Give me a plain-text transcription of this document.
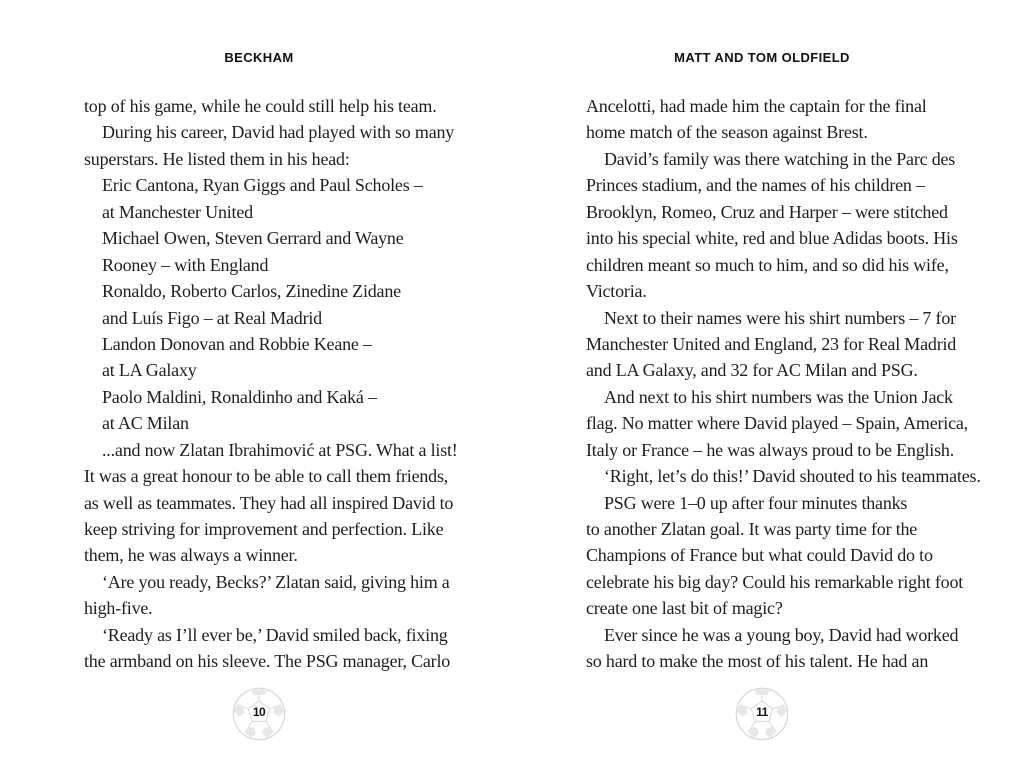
BECKHAM
top of his game, while he could still help his team.
During his career, David had played with so many
superstars. He listed them in his head:
Eric Cantona, Ryan Giggs and Paul Scholes –
at Manchester United
Michael Owen, Steven Gerrard and Wayne
Rooney – with England
Ronaldo, Roberto Carlos, Zinedine Zidane
and Luís Figo – at Real Madrid
Landon Donovan and Robbie Keane –
at LA Galaxy
Paolo Maldini, Ronaldinho and Kaká –
at AC Milan
...and now Zlatan Ibrahimović at PSG. What a list!
It was a great honour to be able to call them friends,
as well as teammates. They had all inspired David to
keep striving for improvement and perfection. Like
them, he was always a winner.
‘Are you ready, Becks?’ Zlatan said, giving him a
high-five.
‘Ready as I’ll ever be,’ David smiled back, fixing
the armband on his sleeve. The PSG manager, Carlo
10
MATT AND TOM OLDFIELD
Ancelotti, had made him the captain for the final
home match of the season against Brest.
David’s family was there watching in the Parc des
Princes stadium, and the names of his children –
Brooklyn, Romeo, Cruz and Harper – were stitched
into his special white, red and blue Adidas boots. His
children meant so much to him, and so did his wife,
Victoria.
Next to their names were his shirt numbers – 7 for
Manchester United and England, 23 for Real Madrid
and LA Galaxy, and 32 for AC Milan and PSG.
And next to his shirt numbers was the Union Jack
flag. No matter where David played – Spain, America,
Italy or France – he was always proud to be English.
‘Right, let’s do this!’ David shouted to his teammates.
PSG were 1–0 up after four minutes thanks
to another Zlatan goal. It was party time for the
Champions of France but what could David do to
celebrate his big day? Could his remarkable right foot
create one last bit of magic?
Ever since he was a young boy, David had worked
so hard to make the most of his talent. He had an
11
